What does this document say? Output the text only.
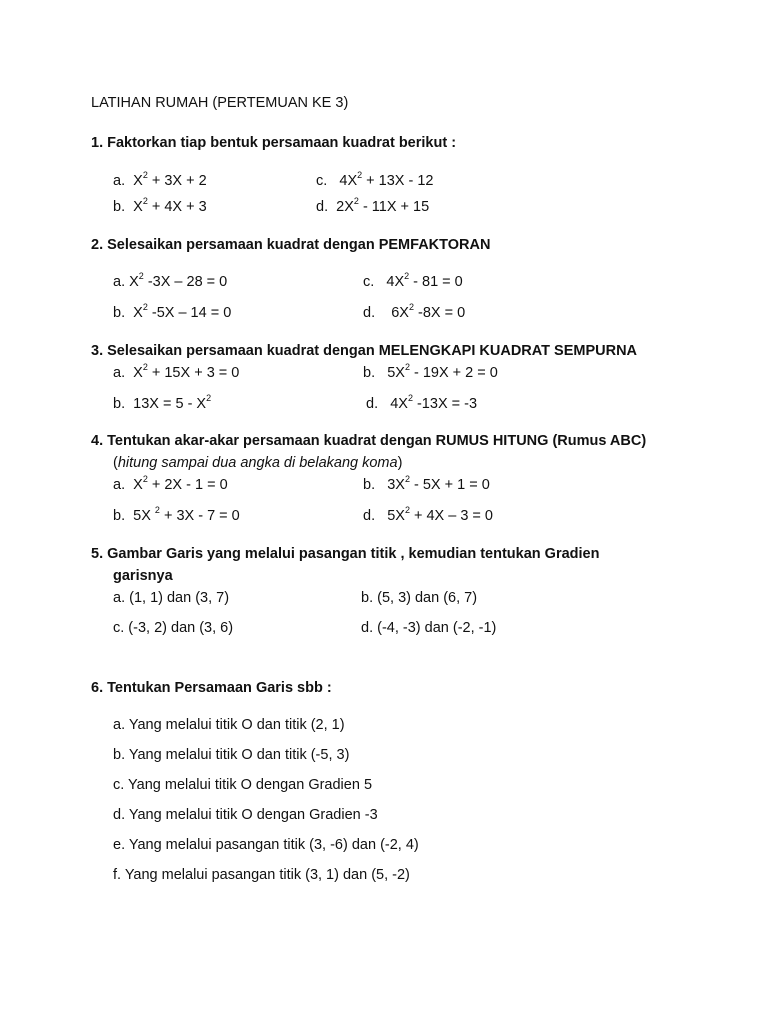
LATIHAN RUMAH (PERTEMUAN KE 3)
1. Faktorkan tiap bentuk persamaan kuadrat berikut :
a. $X^2 + 3X + 2$	c. $4X^2 + 13X - 12$
b. $X^2 + 4X + 3$	d. $2X^2 - 11X + 15$
2. Selesaikan persamaan kuadrat dengan PEMFAKTORAN
a. $X^2$ -3X – 28 = 0	c. $4X^2 - 81 = 0$
b. $X^2$ -5X – 14 = 0	d. $6X^2$ -8X = 0
3. Selesaikan persamaan kuadrat dengan MELENGKAPI KUADRAT SEMPURNA
a. $X^2 + 15X + 3 = 0$	b. $5X^2 - 19X + 2 = 0$
b. $13X = 5 - X^2$	d. $4X^2$ -13X = -3
4. Tentukan akar-akar persamaan kuadrat dengan RUMUS HITUNG (Rumus ABC)
(hitung sampai dua angka di belakang koma)
a. $X^2 + 2X - 1 = 0$	b. $3X^2 - 5X + 1 = 0$
b. 5X $^2$ + 3X - 7 = 0	d. $5X^2 + 4X - 3 = 0$
5. Gambar Garis yang melalui pasangan titik , kemudian tentukan Gradien
garisnya
a. (1, 1) dan (3, 7)	b. (5, 3) dan (6, 7)
c. (-3, 2) dan (3, 6)	d. (-4, -3) dan (-2, -1)
6. Tentukan Persamaan Garis sbb :
a. Yang melalui titik O dan titik (2, 1)
b. Yang melalui titik O dan titik (-5, 3)
c. Yang melalui titik O dengan Gradien 5
d. Yang melalui titik O dengan Gradien -3
e. Yang melalui pasangan titik (3, -6) dan (-2, 4)
f. Yang melalui pasangan titik (3, 1) dan (5, -2)
